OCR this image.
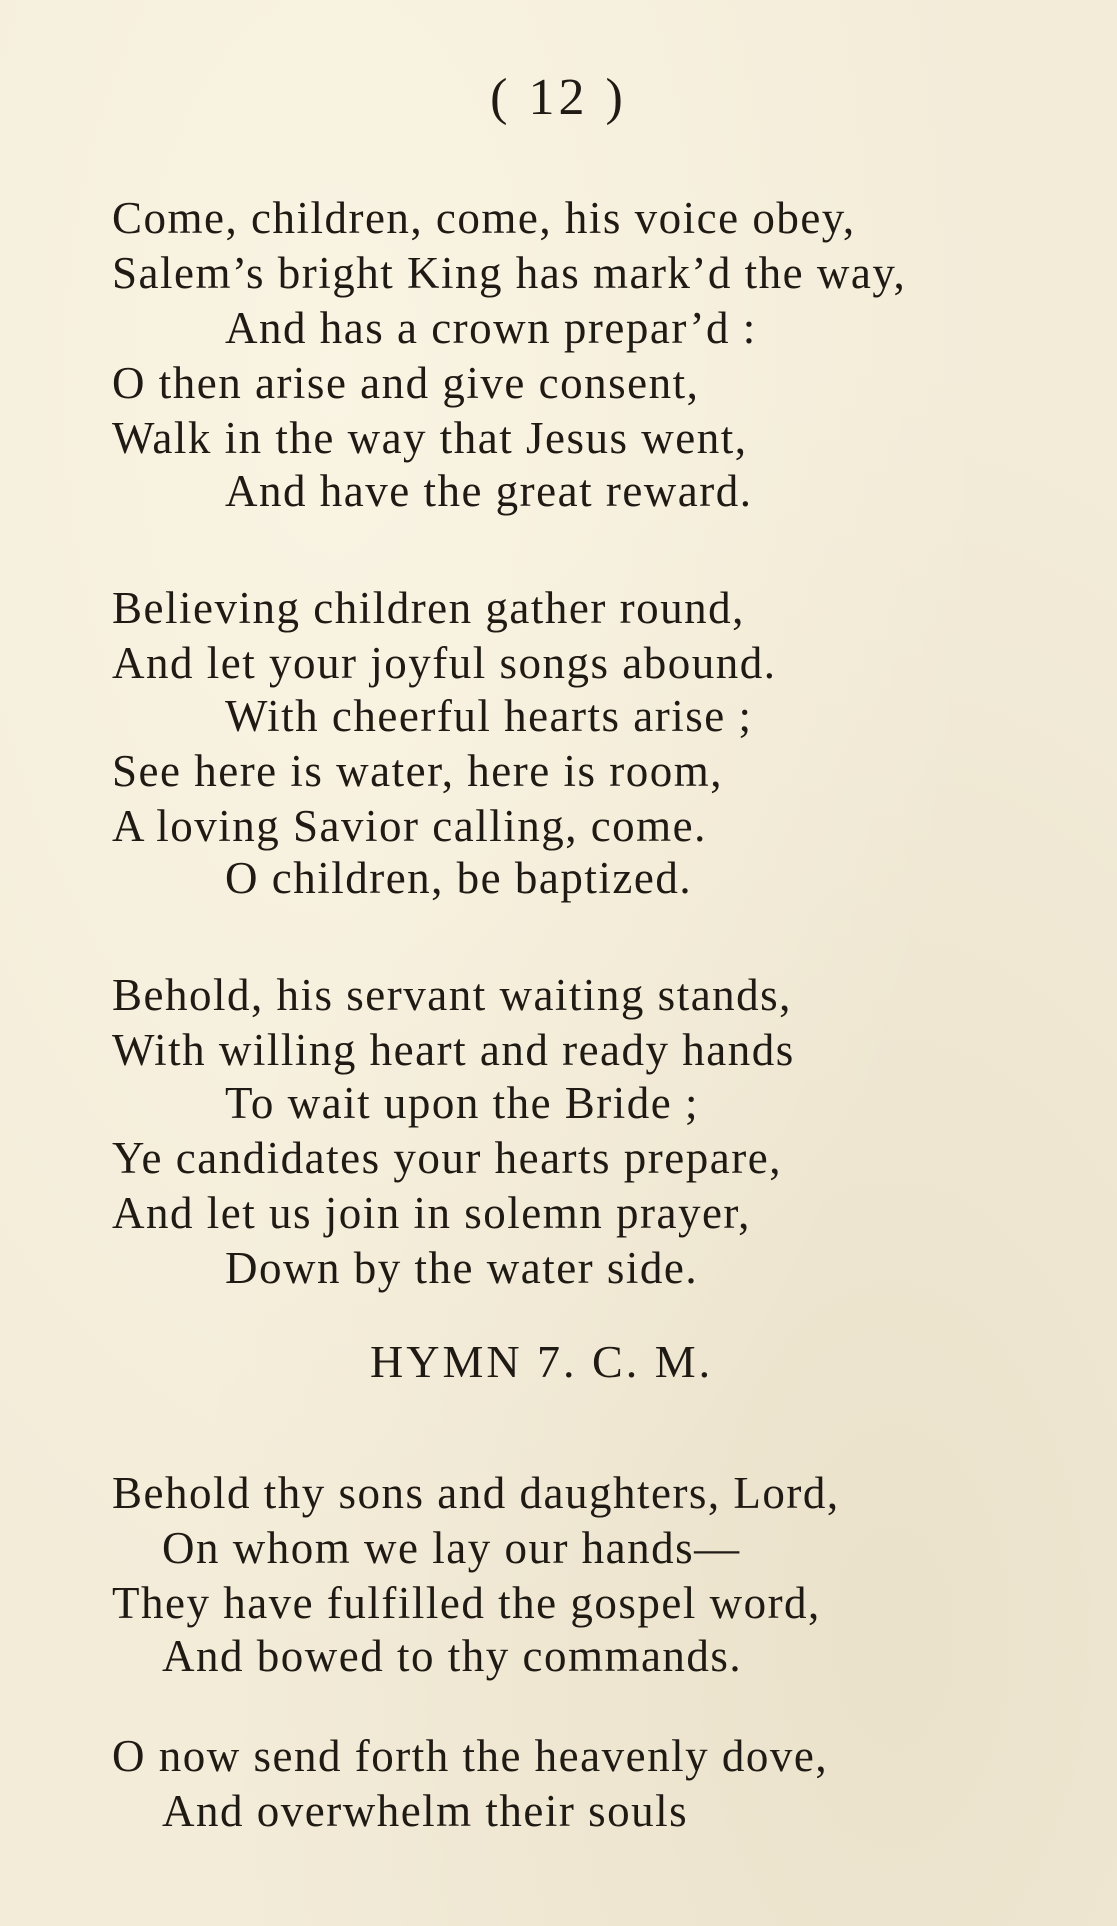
( 12 )

Come, children, come, his voice obey,

Salem’s bright King has mark’d the way,

And has a crown prepar’d :

O then arise and give consent,

Walk in the way that Jesus went,

And have the great reward.

Believing children gather round,

And let your joyful songs abound.

With cheerful hearts arise ;

See here is water, here is room,

A loving Savior calling, come.

O children, be baptized.

Behold, his servant waiting stands,

With willing heart and ready hands

To wait upon the Bride ;

Ye candidates your hearts prepare,

And let us join in solemn prayer,

Down by the water side.

HYMN 7. C. M.

Behold thy sons and daughters, Lord,

On whom we lay our hands—

They have fulfilled the gospel word,

And bowed to thy commands.

O now send forth the heavenly dove,

And overwhelm their souls
